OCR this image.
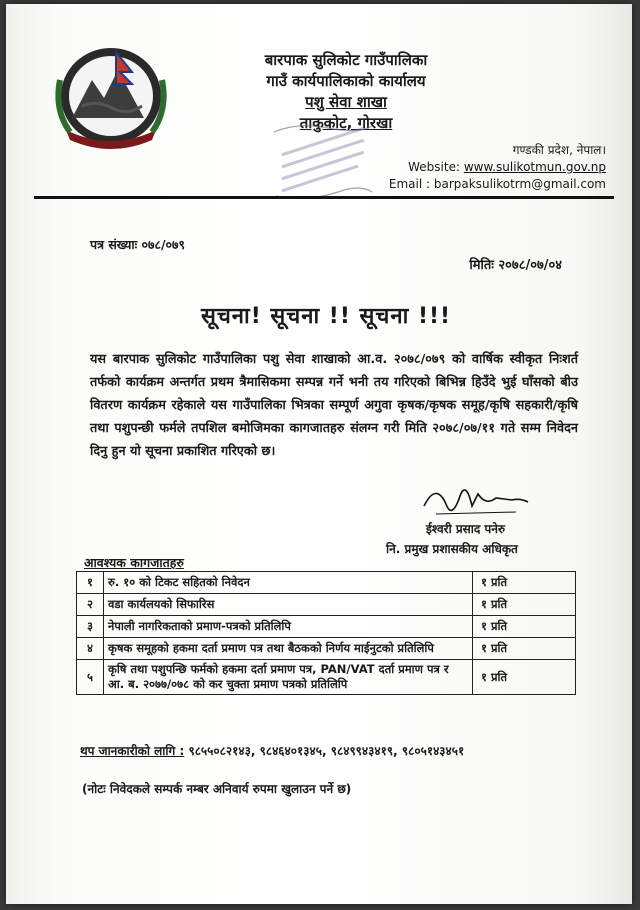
बारपाक सुलिकोट गाउँपालिका
गाउँ कार्यपालिकाको कार्यालय
पशु सेवा शाखा
ताकुकोट, गोरखा
गण्डकी प्रदेश, नेपाल।
Website: www.sulikotmun.gov.np
Email : barpaksulikotrm@gmail.com
पत्र संख्याः ०७८/०७९
मितिः २०७८/०७/०४
सूचना! सूचना !! सूचना !!!
यस बारपाक सुलिकोट गाउँपालिका पशु सेवा शाखाको आ.व. २०७८/०७९ को वार्षिक स्वीकृत निःशर्त तर्फको कार्यक्रम अन्तर्गत प्रथम त्रैमासिकमा सम्पन्न गर्ने भनी तय गरिएको बिभिन्न हिउँदे भुई घाँसको बीउ वितरण कार्यक्रम रहेकाले यस गाउँपालिका भित्रका सम्पूर्ण अगुवा कृषक/कृषक समूह/कृषि सहकारी/कृषि तथा पशुपन्छी फर्मले तपशिल बमोजिमका कागजातहरु संलग्न गरी मिति २०७८/०७/११ गते सम्म निवेदन दिनु हुन यो सूचना प्रकाशित गरिएको छ।
ईश्वरी प्रसाद पनेरु
नि. प्रमुख प्रशासकीय अधिकृत
आवश्यक कागजातहरु
१	रु. १० को टिकट सहितको निवेदन	१ प्रति
२	वडा कार्यलयको सिफारिस	१ प्रति
३	नेपाली नागरिकताको प्रमाण-पत्रको प्रतिलिपि	१ प्रति
४	कृषक समूहको हकमा दर्ता प्रमाण पत्र तथा बैठकको निर्णय माईनुटको प्रतिलिपि	१ प्रति
५	कृषि तथा पशुपन्छि फर्मको हकमा दर्ता प्रमाण पत्र, PAN/VAT दर्ता प्रमाण पत्र र आ. ब. २०७७/०७८ को कर चुक्ता प्रमाण पत्रको प्रतिलिपि	१ प्रति
थप जानकारीको लागि : ९८५५०८२१४३, ९८४६४०१३४५, ९८४९९४३४१९, ९८०५१४३४५१
(नोटः निवेदकले सम्पर्क नम्बर अनिवार्य रुपमा खुलाउन पर्ने छ)
